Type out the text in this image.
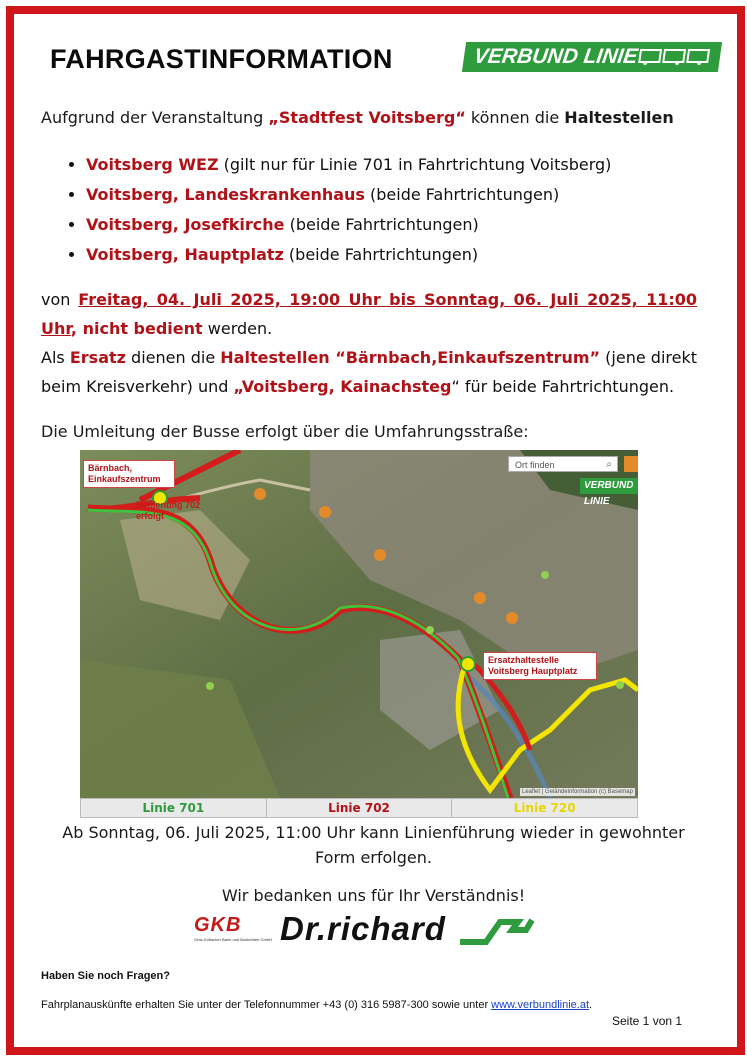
FAHRGASTINFORMATION	VERBUND LINIE
Aufgrund der Veranstaltung „Stadtfest Voitsberg“ können die Haltestellen
• Voitsberg WEZ (gilt nur für Linie 701 in Fahrtrichtung Voitsberg)
• Voitsberg, Landeskrankenhaus (beide Fahrtrichtungen)
• Voitsberg, Josefkirche (beide Fahrtrichtungen)
• Voitsberg, Hauptplatz (beide Fahrtrichtungen)
von Freitag, 04. Juli 2025, 19:00 Uhr bis Sonntag, 06. Juli 2025, 11:00 Uhr, nicht bedient werden.
Als Ersatz dienen die Haltestellen “Bärnbach,Einkaufszentrum” (jene direkt beim Kreisverkehr) und „Voitsberg, Kainachsteg“ für beide Fahrtrichtungen.
Die Umleitung der Busse erfolgt über die Umfahrungsstraße:
Bärnbach, Einkaufszentrum
Bedienung 702 erfolgt
Ersatzhaltestelle Voitsberg Hauptplatz
Leaflet | Geländeinformation (c) Basemap
Ort finden	⌕
VERBUND LINIE
Linie 701	Linie 702	Linie 720
Ab Sonntag, 06. Juli 2025, 11:00 Uhr kann Linienführung wieder in gewohnter
Form erfolgen.
Wir bedanken uns für Ihr Verständnis!
GKB
Graz-Köflacher Bahn und Busbetrieb GmbH Dr.richard
Haben Sie noch Fragen?
Fahrplanauskünfte erhalten Sie unter der Telefonnummer +43 (0) 316 5987-300 sowie unter www.verbundlinie.at.
Seite 1 von 1
